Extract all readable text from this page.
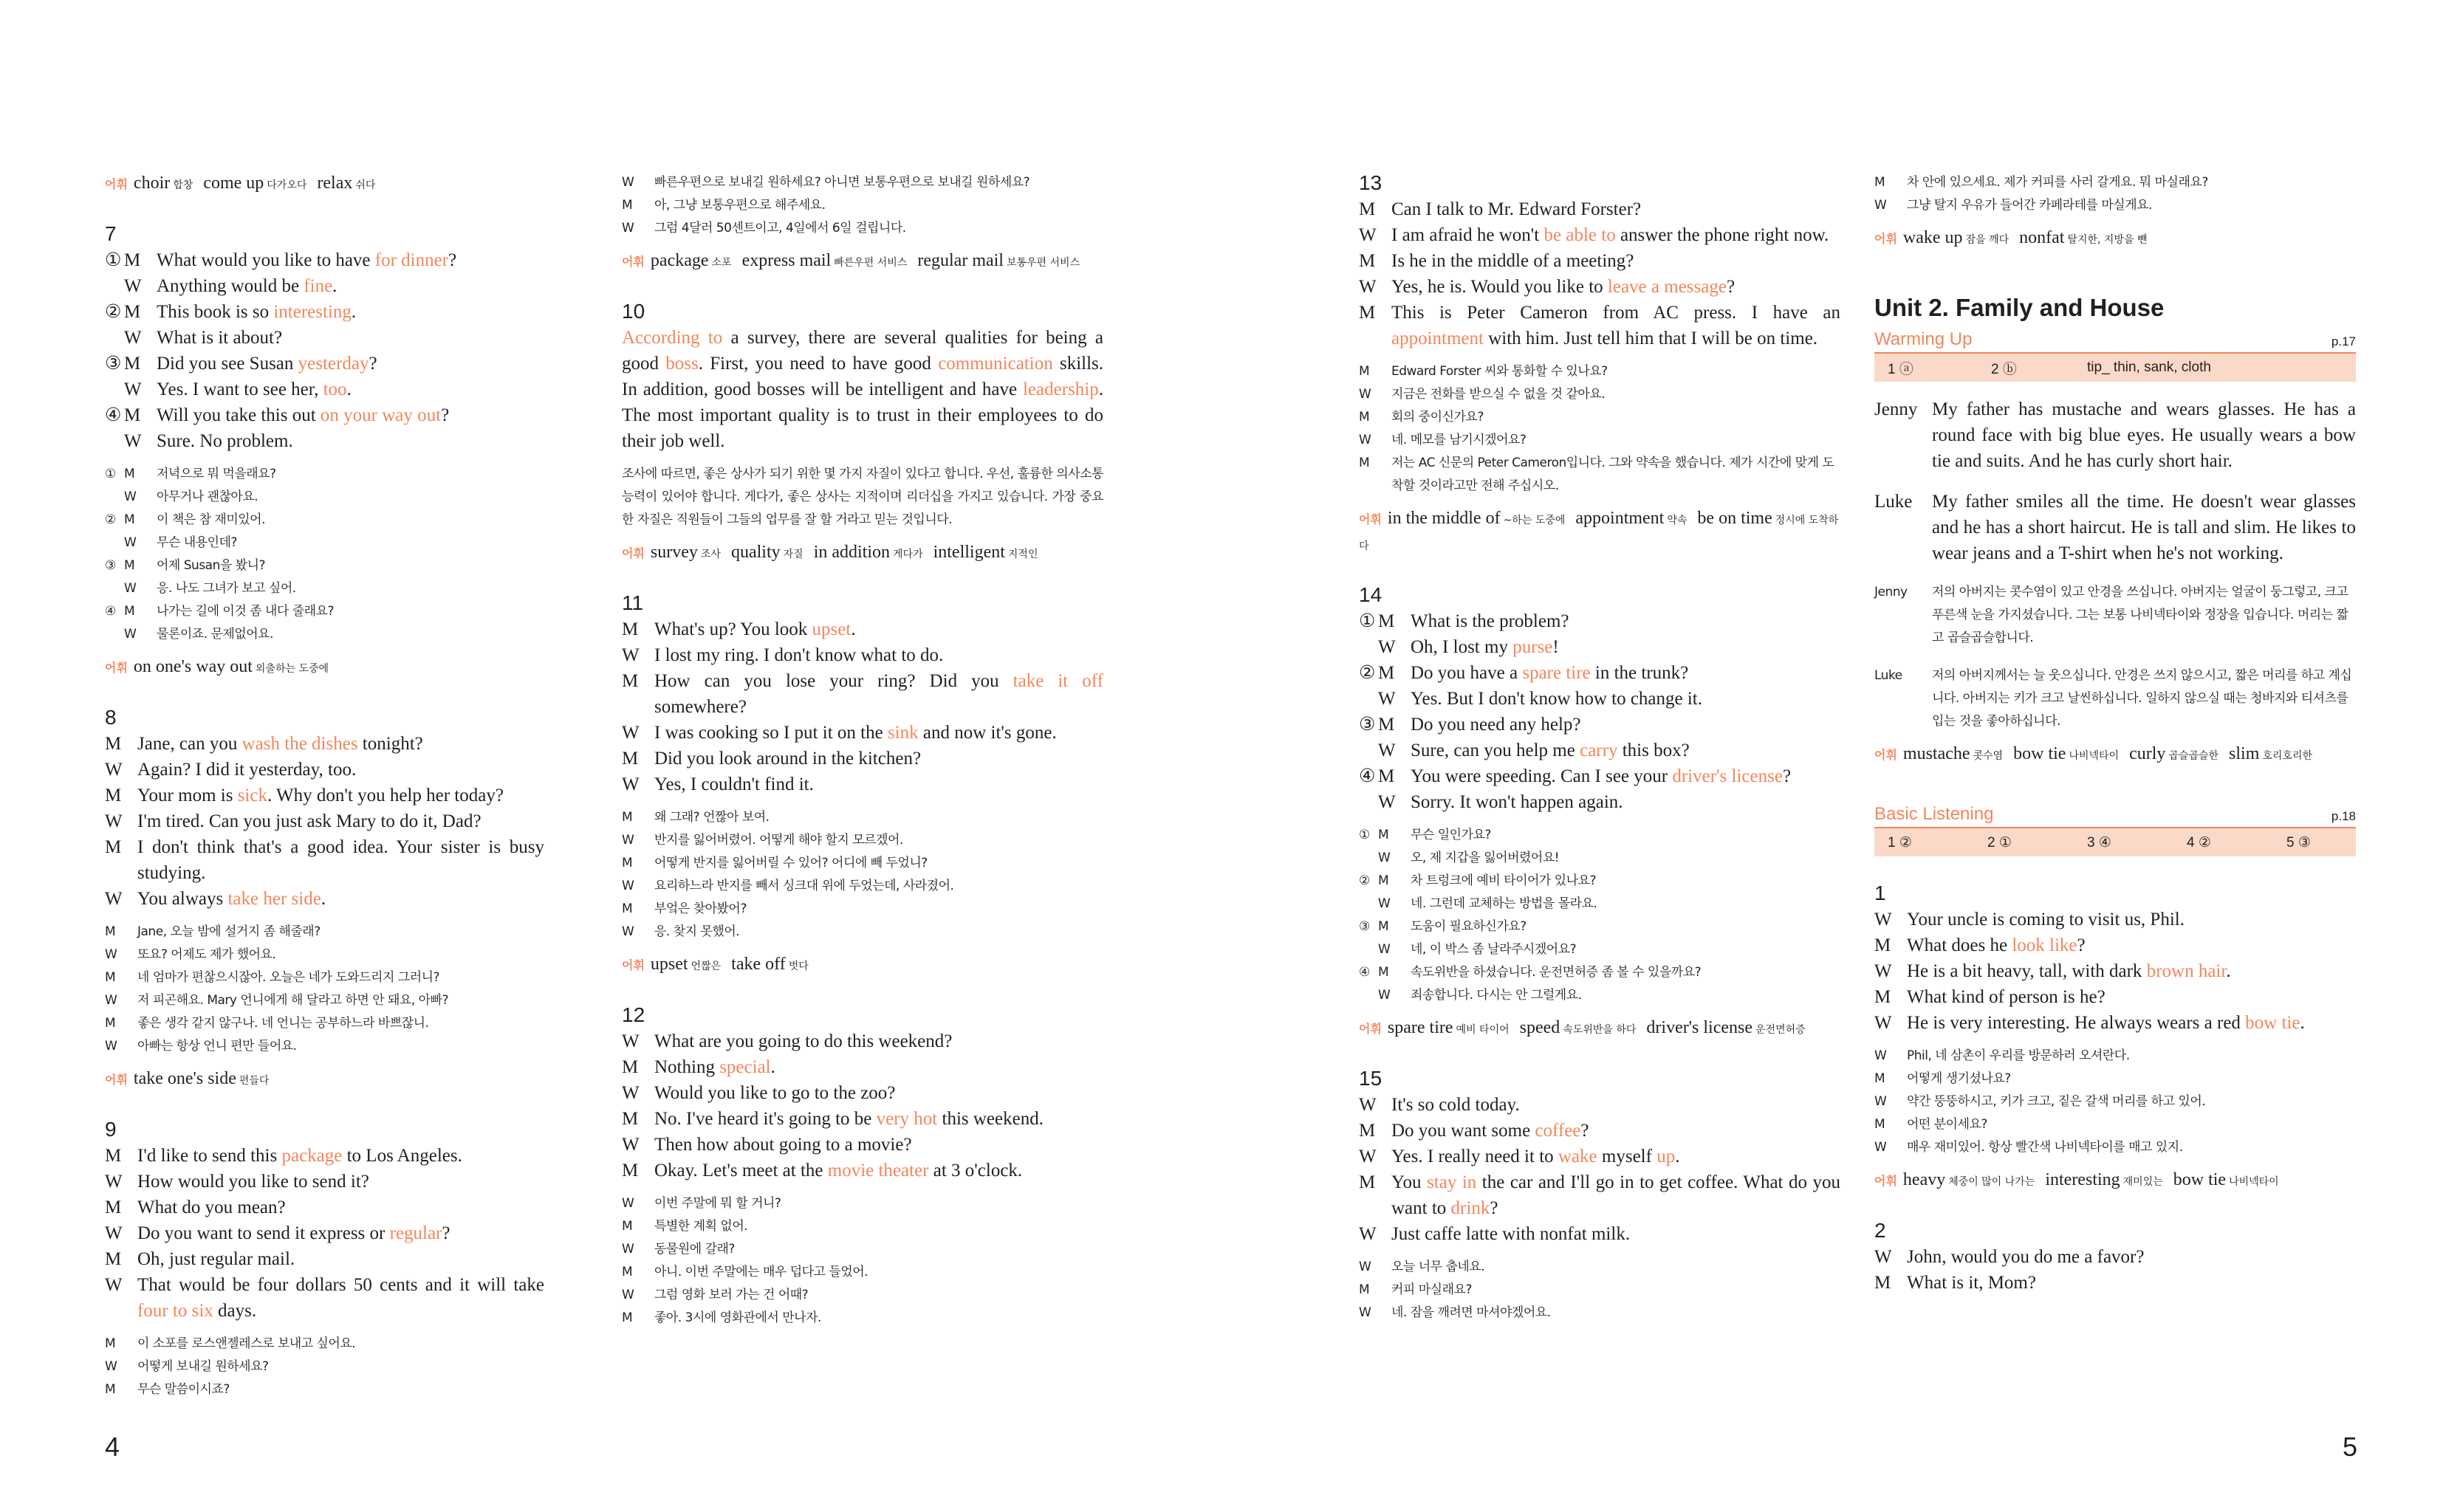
어휘 choir 합창 come up 다가오다 relax 쉬다
7
① M What would you like to have for dinner?
W Anything would be fine.
② M This book is so interesting.
W What is it about?
③ M Did you see Susan yesterday?
W Yes. I want to see her, too.
④ M Will you take this out on your way out?
W Sure. No problem.
① M	저녁으로 뭐 먹을래요?
W	아무거나 괜찮아요.
② M	이 책은 참 재미있어.
W	무슨 내용인데?
③ M	어제 Susan을 봤니?
W	응. 나도 그녀가 보고 싶어.
④ M	나가는 길에 이것 좀 내다 줄래요?
W	물론이죠. 문제없어요.
어휘 on one's way out 외출하는 도중에
8
M Jane, can you wash the dishes tonight?
W Again? I did it yesterday, too.
M Your mom is sick. Why don't you help her today?
W I'm tired. Can you just ask Mary to do it, Dad?
M I don't think that's a good idea. Your sister is busy studying.
W You always take her side.
M	Jane, 오늘 밤에 설거지 좀 해줄래?
W	또요? 어제도 제가 했어요.
M	네 엄마가 편찮으시잖아. 오늘은 네가 도와드리지 그러니?
W	저 피곤해요. Mary 언니에게 해 달라고 하면 안 돼요, 아빠?
M	좋은 생각 같지 않구나. 네 언니는 공부하느라 바쁘잖니.
W	아빠는 항상 언니 편만 들어요.
어휘 take one's side 편들다
9
M I'd like to send this package to Los Angeles.
W How would you like to send it?
M What do you mean?
W Do you want to send it express or regular?
M Oh, just regular mail.
W That would be four dollars 50 cents and it will take four to six days.
M	이 소포를 로스앤젤레스로 보내고 싶어요.
W	어떻게 보내길 원하세요?
M	무슨 말씀이시죠?
W	빠른우편으로 보내길 원하세요? 아니면 보통우편으로 보내길 원하세요?
M	아, 그냥 보통우편으로 해주세요.
W	그럼 4달러 50센트이고, 4일에서 6일 걸립니다.
어휘 package 소포 express mail 빠른우편 서비스 regular mail 보통우편 서비스
10
According to a survey, there are several qualities for being a good boss. First, you need to have good communication skills. In addition, good bosses will be intelligent and have leadership. The most important quality is to trust in their employees to do their job well.
조사에 따르면, 좋은 상사가 되기 위한 몇 가지 자질이 있다고 합니다. 우선, 훌륭한 의사소통 능력이 있어야 합니다. 게다가, 좋은 상사는 지적이며 리더십을 가지고 있습니다. 가장 중요한 자질은 직원들이 그들의 업무를 잘 할 거라고 믿는 것입니다.
어휘 survey 조사 quality 자질 in addition 게다가 intelligent 지적인
11
M What's up? You look upset.
W I lost my ring. I don't know what to do.
M How can you lose your ring? Did you take it off somewhere?
W I was cooking so I put it on the sink and now it's gone.
M Did you look around in the kitchen?
W Yes, I couldn't find it.
M	왜 그래? 언짢아 보여.
W	반지를 잃어버렸어. 어떻게 해야 할지 모르겠어.
M	어떻게 반지를 잃어버릴 수 있어? 어디에 빼 두었니?
W	요리하느라 반지를 빼서 싱크대 위에 두었는데, 사라졌어.
M	부엌은 찾아봤어?
W	응. 찾지 못했어.
어휘 upset 언짢은 take off 벗다
12
W What are you going to do this weekend?
M Nothing special.
W Would you like to go to the zoo?
M No. I've heard it's going to be very hot this weekend.
W Then how about going to a movie?
M Okay. Let's meet at the movie theater at 3 o'clock.
W	이번 주말에 뭐 할 거니?
M	특별한 계획 없어.
W	동물원에 갈래?
M	아니. 이번 주말에는 매우 덥다고 들었어.
W	그럼 영화 보러 가는 건 어때?
M	좋아. 3시에 영화관에서 만나자.
13
M Can I talk to Mr. Edward Forster?
W I am afraid he won't be able to answer the phone right now.
M Is he in the middle of a meeting?
W Yes, he is. Would you like to leave a message?
M This is Peter Cameron from AC press. I have an appointment with him. Just tell him that I will be on time.
M	Edward Forster 씨와 통화할 수 있나요?
W	지금은 전화를 받으실 수 없을 것 같아요.
M	회의 중이신가요?
W	네. 메모를 남기시겠어요?
M	저는 AC 신문의 Peter Cameron입니다. 그와 약속을 했습니다. 제가 시간에 맞게 도착할 것이라고만 전해 주십시오.
어휘 in the middle of ~하는 도중에 appointment 약속 be on time 정시에 도착하다
14
① M What is the problem?
W Oh, I lost my purse!
② M Do you have a spare tire in the trunk?
W Yes. But I don't know how to change it.
③ M Do you need any help?
W Sure, can you help me carry this box?
④ M You were speeding. Can I see your driver's license?
W Sorry. It won't happen again.
① M	무슨 일인가요?
W	오, 제 지갑을 잃어버렸어요!
② M	차 트렁크에 예비 타이어가 있나요?
W	네. 그런데 교체하는 방법을 몰라요.
③ M	도움이 필요하신가요?
W	네, 이 박스 좀 날라주시겠어요?
④ M	속도위반을 하셨습니다. 운전면허증 좀 볼 수 있을까요?
W	죄송합니다. 다시는 안 그럴게요.
어휘 spare tire 예비 타이어 speed 속도위반을 하다 driver's license 운전면허증
15
W It's so cold today.
M Do you want some coffee?
W Yes. I really need it to wake myself up.
M You stay in the car and I'll go in to get coffee. What do you want to drink?
W Just caffe latte with nonfat milk.
W	오늘 너무 춥네요.
M	커피 마실래요?
W	네. 잠을 깨려면 마셔야겠어요.
M	차 안에 있으세요. 제가 커피를 사러 갈게요. 뭐 마실래요?
W	그냥 탈지 우유가 들어간 카페라테를 마실게요.
어휘 wake up 잠을 깨다 nonfat 탈지한, 지방을 뺀
Unit 2. Family and House
Warming Up	p.17
1 ⓐ	2 ⓑ	tip_ thin, sank, cloth
Jenny My father has mustache and wears glasses. He has a round face with big blue eyes. He usually wears a bow tie and suits. And he has curly short hair.
Luke	My father smiles all the time. He doesn't wear glasses and he has a short haircut. He is tall and slim. He likes to wear jeans and a T-shirt when he's not working.
Jenny	저의 아버지는 콧수염이 있고 안경을 쓰십니다. 아버지는 얼굴이 둥그렇고, 크고 푸른색 눈을 가지셨습니다. 그는 보통 나비넥타이와 정장을 입습니다. 머리는 짧고 곱슬곱슬합니다.
Luke	저의 아버지께서는 늘 웃으십니다. 안경은 쓰지 않으시고, 짧은 머리를 하고 계십니다. 아버지는 키가 크고 날씬하십니다. 일하지 않으실 때는 청바지와 티셔츠를 입는 것을 좋아하십니다.
어휘 mustache 콧수염 bow tie 나비넥타이 curly 곱슬곱슬한 slim 호리호리한
Basic Listening	p.18
1 ②	2 ①	3 ④	4 ②	5 ③
1
W Your uncle is coming to visit us, Phil.
M What does he look like?
W He is a bit heavy, tall, with dark brown hair.
M What kind of person is he?
W He is very interesting. He always wears a red bow tie.
W	Phil, 네 삼촌이 우리를 방문하러 오셔란다.
M	어떻게 생기셨나요?
W	약간 뚱뚱하시고, 키가 크고, 짙은 갈색 머리를 하고 있어.
M	어떤 분이세요?
W	매우 재미있어. 항상 빨간색 나비넥타이를 매고 있지.
어휘 heavy 체중이 많이 나가는 interesting 재미있는 bow tie 나비넥타이
2
W John, would you do me a favor?
M What is it, Mom?
4	5
